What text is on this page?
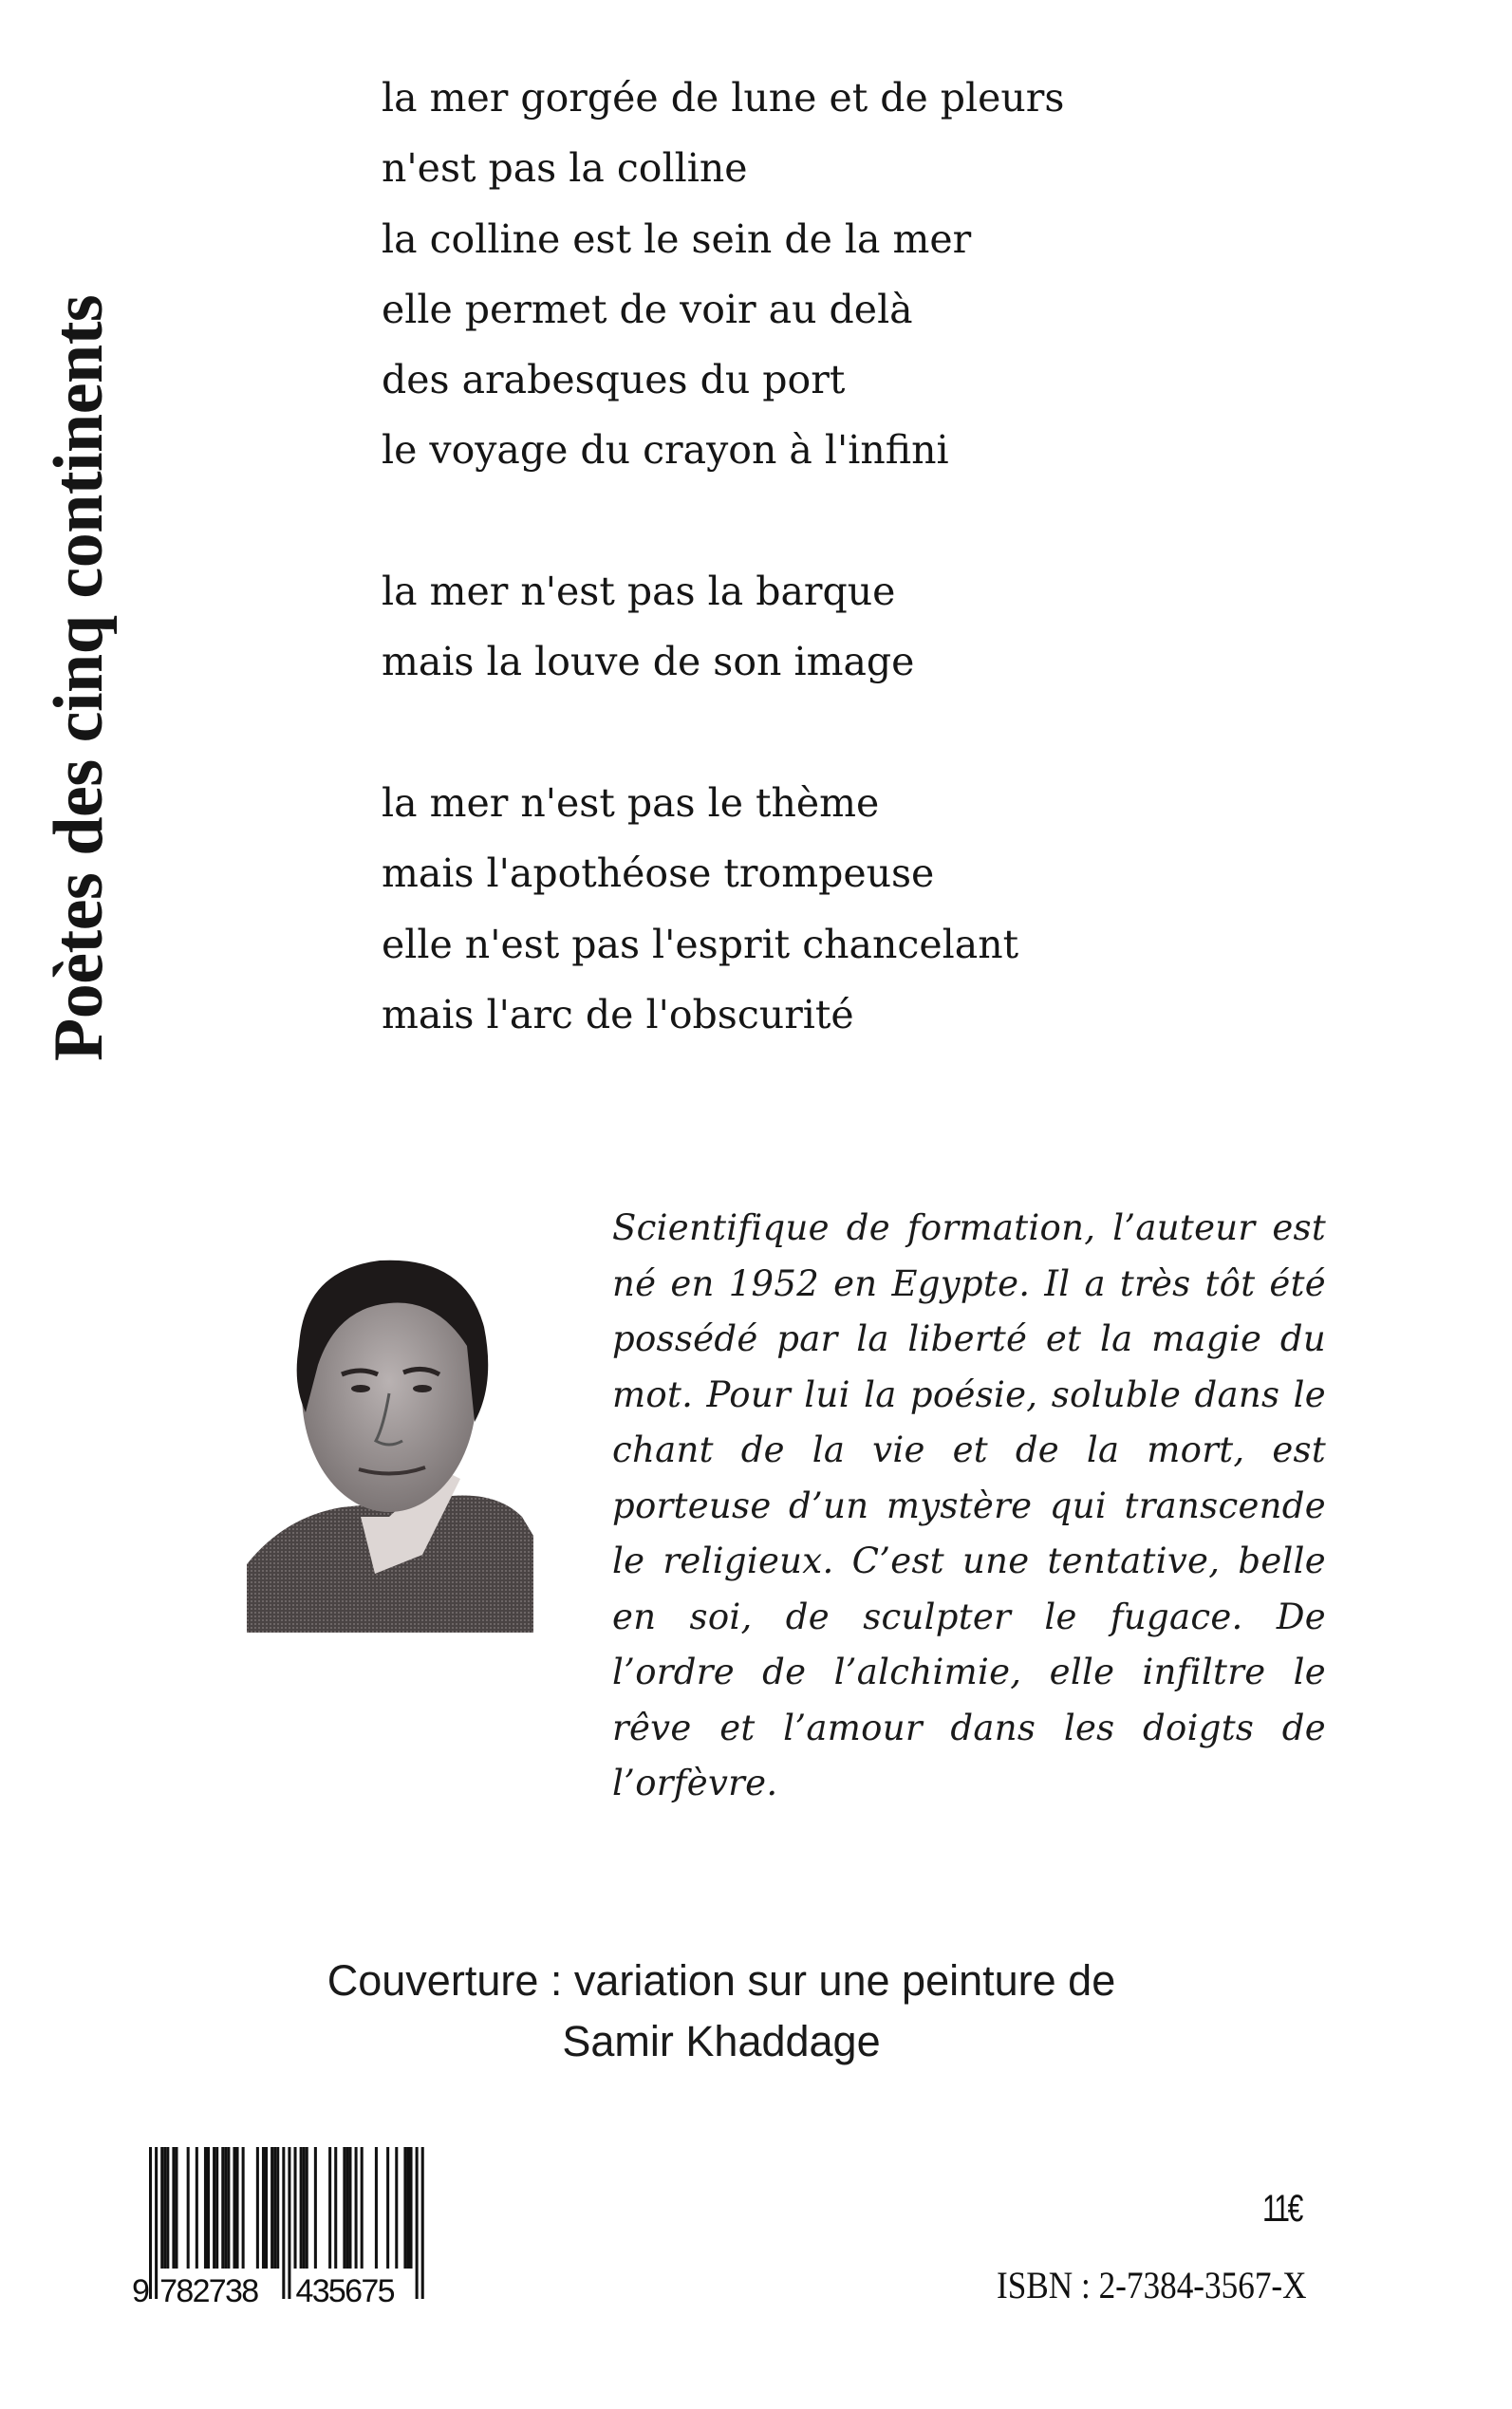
Poètes des cinq continents
la mer gorgée de lune et de pleurs
n'est pas la colline
la colline est le sein de la mer
elle permet de voir au delà
des arabesques du port
le voyage du crayon à l'infini
la mer n'est pas la barque
mais la louve de son image
la mer n'est pas le thème
mais l'apothéose trompeuse
elle n'est pas l'esprit chancelant
mais l'arc de l'obscurité
Scientifique de formation, l’auteur est né en 1952 en Egypte. Il a très tôt été possédé par la liberté et la magie du mot. Pour lui la poésie, soluble dans le chant de la vie et de la mort, est porteuse d’un mystère qui transcende le religieux. C’est une tentative, belle en soi, de sculpter le fugace. De l’ordre de l’alchimie, elle infiltre le rêve et l’amour dans les doigts de l’orfèvre.
Couverture : variation sur une peinture de
Samir Khaddage
9 782738 435675
11€
ISBN : 2-7384-3567-X
